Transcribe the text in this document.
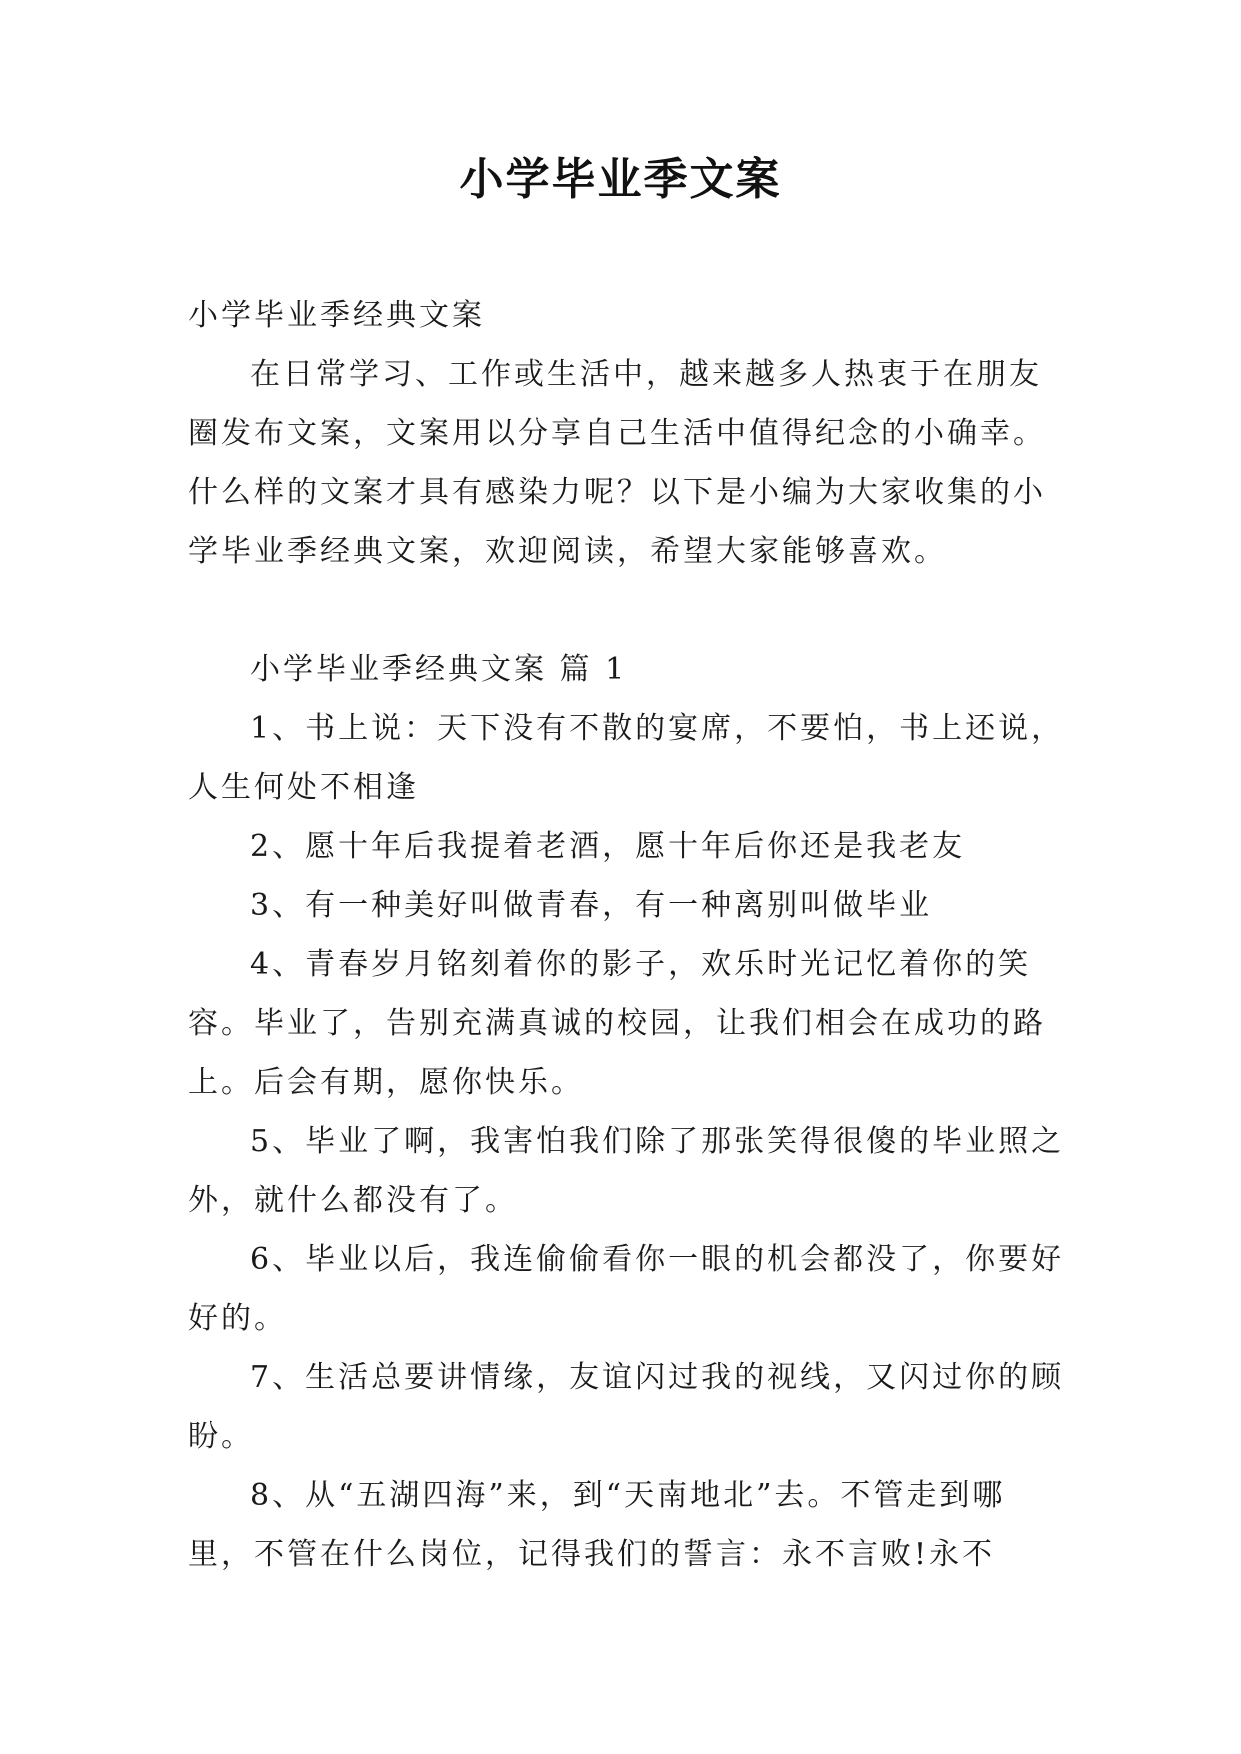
小学毕业季文案

小学毕业季经典文案

在日常学习、工作或生活中，越来越多人热衷于在朋友圈发布文案，文案用以分享自己生活中值得纪念的小确幸。什么样的文案才具有感染力呢？以下是小编为大家收集的小学毕业季经典文案，欢迎阅读，希望大家能够喜欢。

小学毕业季经典文案 篇 1

1、书上说：天下没有不散的宴席，不要怕，书上还说，人生何处不相逢

2、愿十年后我提着老酒，愿十年后你还是我老友

3、有一种美好叫做青春，有一种离别叫做毕业

4、青春岁月铭刻着你的影子，欢乐时光记忆着你的笑容。毕业了，告别充满真诚的校园，让我们相会在成功的路上。后会有期，愿你快乐。

5、毕业了啊，我害怕我们除了那张笑得很傻的毕业照之外，就什么都没有了。

6、毕业以后，我连偷偷看你一眼的机会都没了，你要好好的。

7、生活总要讲情缘，友谊闪过我的视线，又闪过你的顾盼。

8、从“五湖四海”来，到“天南地北”去。不管走到哪里，不管在什么岗位，记得我们的誓言：永不言败!永不
